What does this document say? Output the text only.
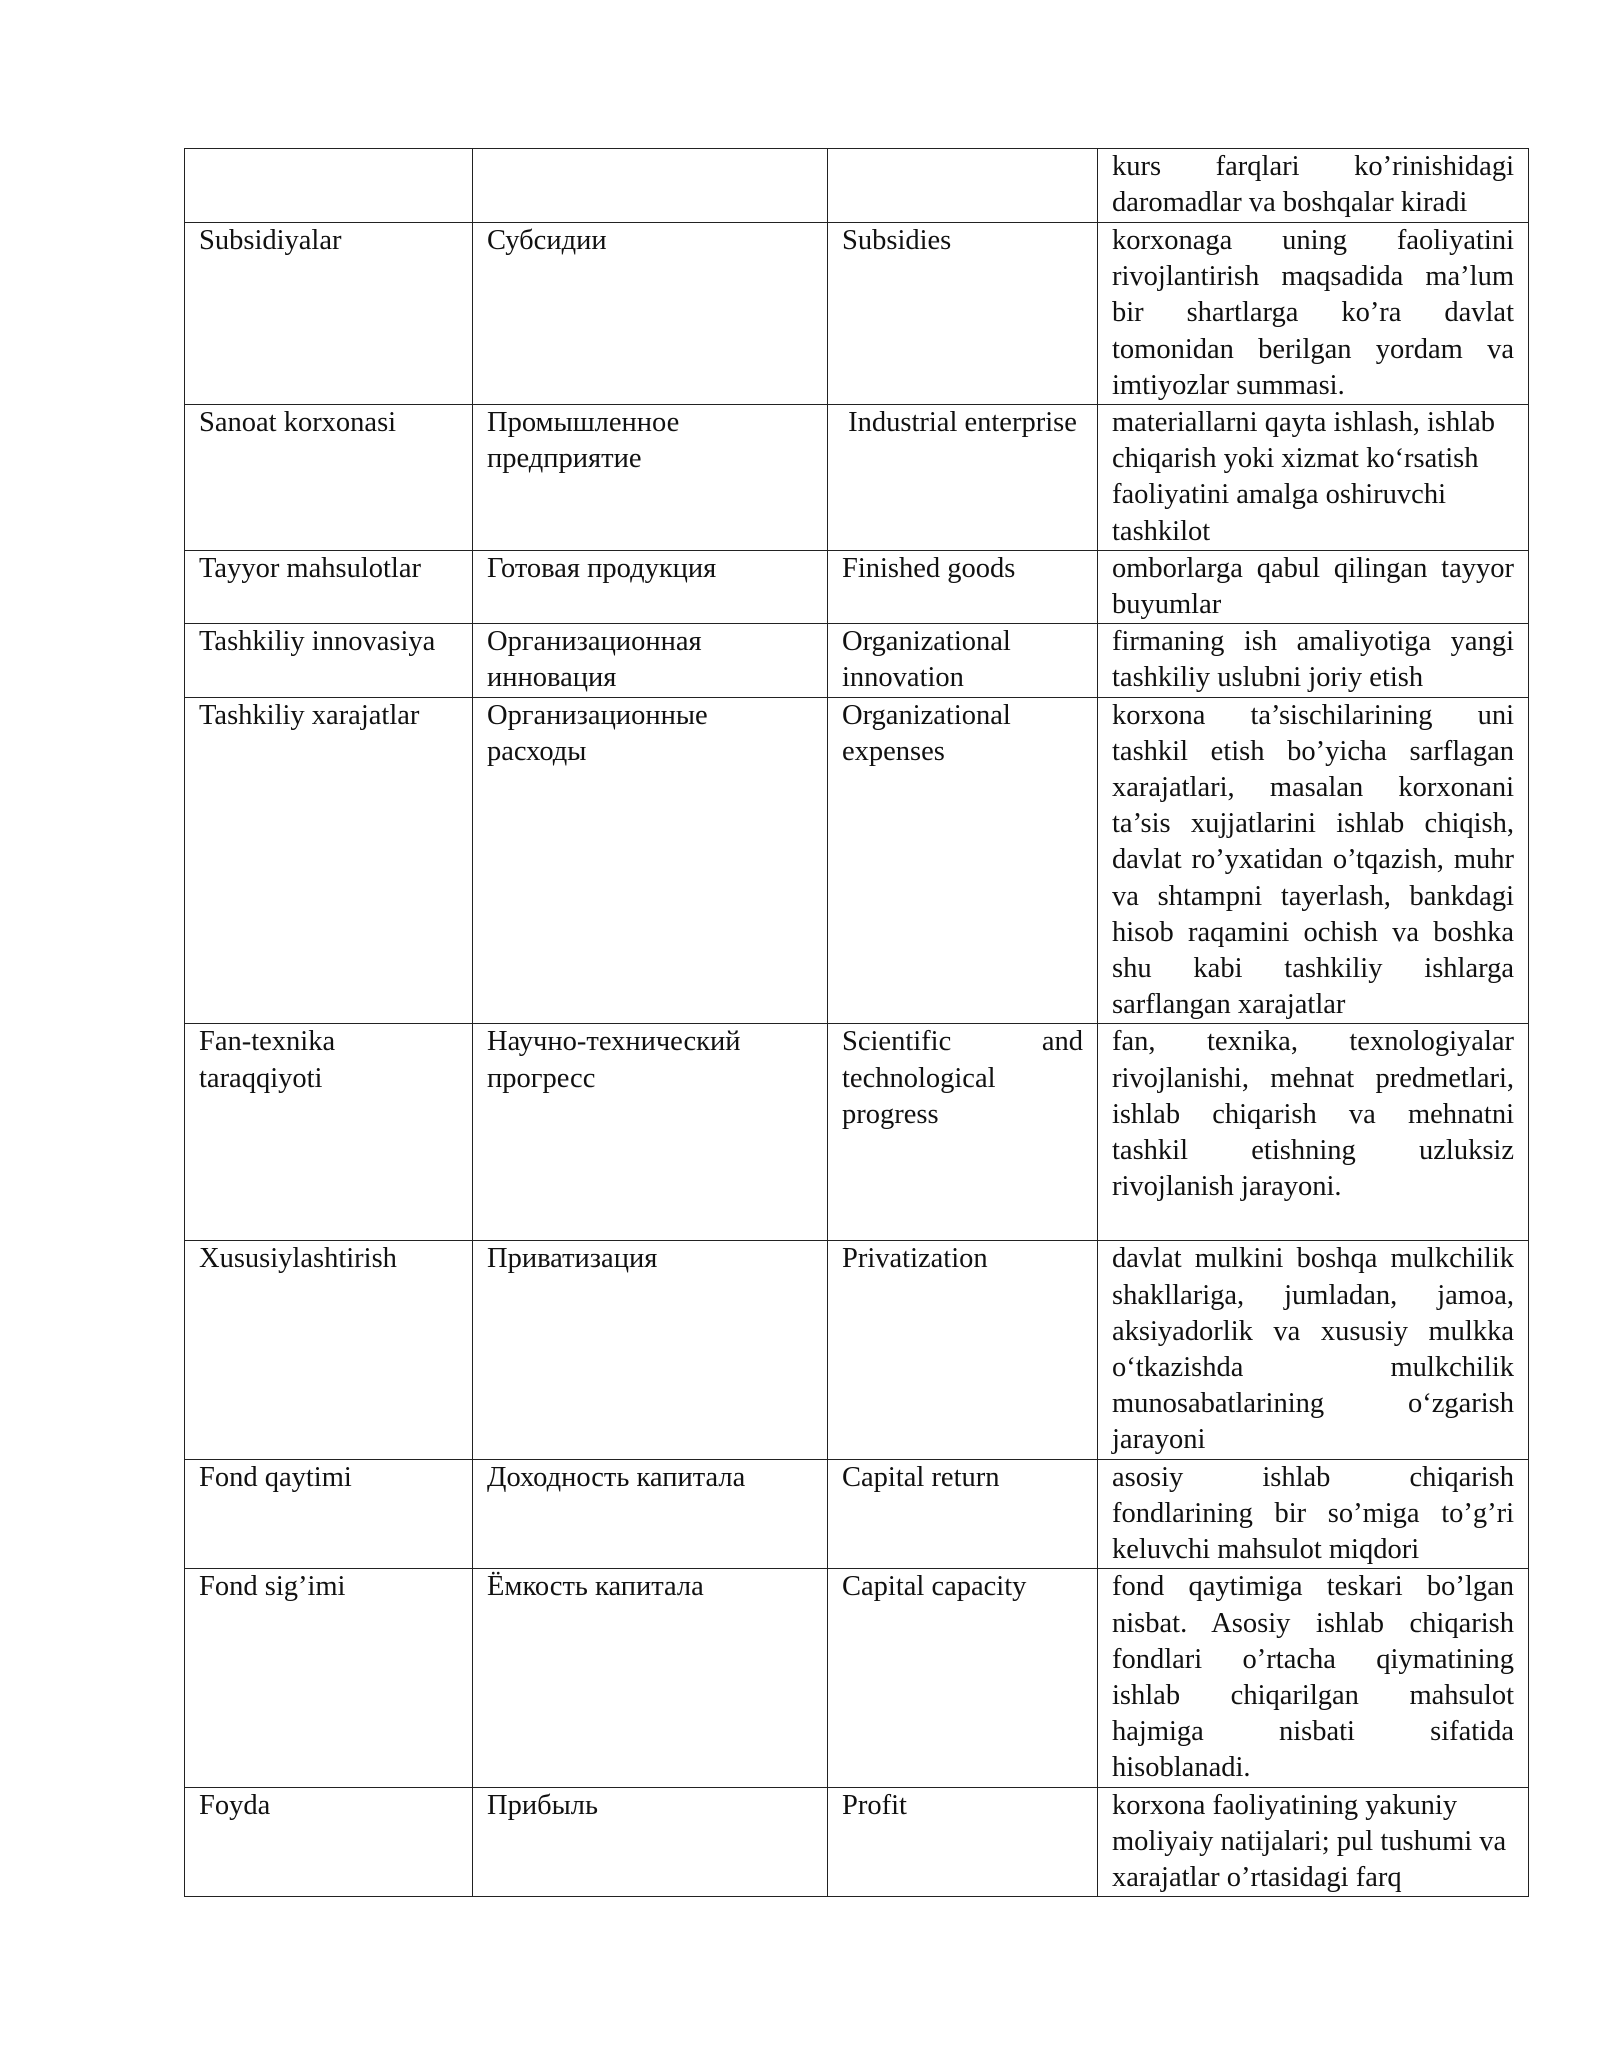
			kurs farqlari ko’rinishidagi daromadlar va boshqalar kiradi
Subsidiyalar	Субсидии	Subsidies	korxonaga uning faoliyatini rivojlantirish maqsadida ma’lum bir shartlarga ko’ra davlat tomonidan berilgan yordam va imtiyozlar summasi.
Sanoat korxonasi	Промышленное предприятие	Industrial enterprise	materiallarni qayta ishlash, ishlab chiqarish yoki xizmat koʻrsatish faoliyatini amalga oshiruvchi tashkilot
Tayyor mahsulotlar	Готовая продукция	Finished goods	omborlarga qabul qilingan tayyor buyumlar
Tashkiliy innovasiya	Организационная инновация	Organizational innovation	firmaning ish amaliyotiga yangi tashkiliy uslubni joriy etish
Tashkiliy xarajatlar	Организационные расходы	Organizational expenses	korxona ta’sischilarining uni tashkil etish bo’yicha sarflagan xarajatlari, masalan korxonani ta’sis xujjatlarini ishlab chiqish, davlat ro’yxatidan o’tqazish, muhr va shtampni tayerlash, bankdagi hisob raqamini ochish va boshka shu kabi tashkiliy ishlarga sarflangan xarajatlar
Fan-texnika taraqqiyoti	Научно-технический прогресс	Scientific and technological progress	fan, texnika, texnologiyalar rivojlanishi, mehnat predmetlari, ishlab chiqarish va mehnatni tashkil etishning uzluksiz rivojlanish jarayoni.
Xususiylashtirish	Приватизация	Privatization	davlat mulkini boshqa mulkchilik shakllariga, jumladan, jamoa, aksiyadorlik va xususiy mulkka oʻtkazishda mulkchilik munosabatlarining oʻzgarish jarayoni
Fond qaytimi	Доходность капитала	Capital return	asosiy ishlab chiqarish fondlarining bir so’miga to’g’ri keluvchi mahsulot miqdori
Fond sig’imi	Ёмкость капитала	Capital capacity	fond qaytimiga teskari bo’lgan nisbat. Asosiy ishlab chiqarish fondlari o’rtacha qiymatining ishlab chiqarilgan mahsulot hajmiga nisbati sifatida hisoblanadi.
Foyda	Прибыль	Profit	korxona faoliyatining yakuniy moliyaiy natijalari; pul tushumi va xarajatlar o’rtasidagi farq
